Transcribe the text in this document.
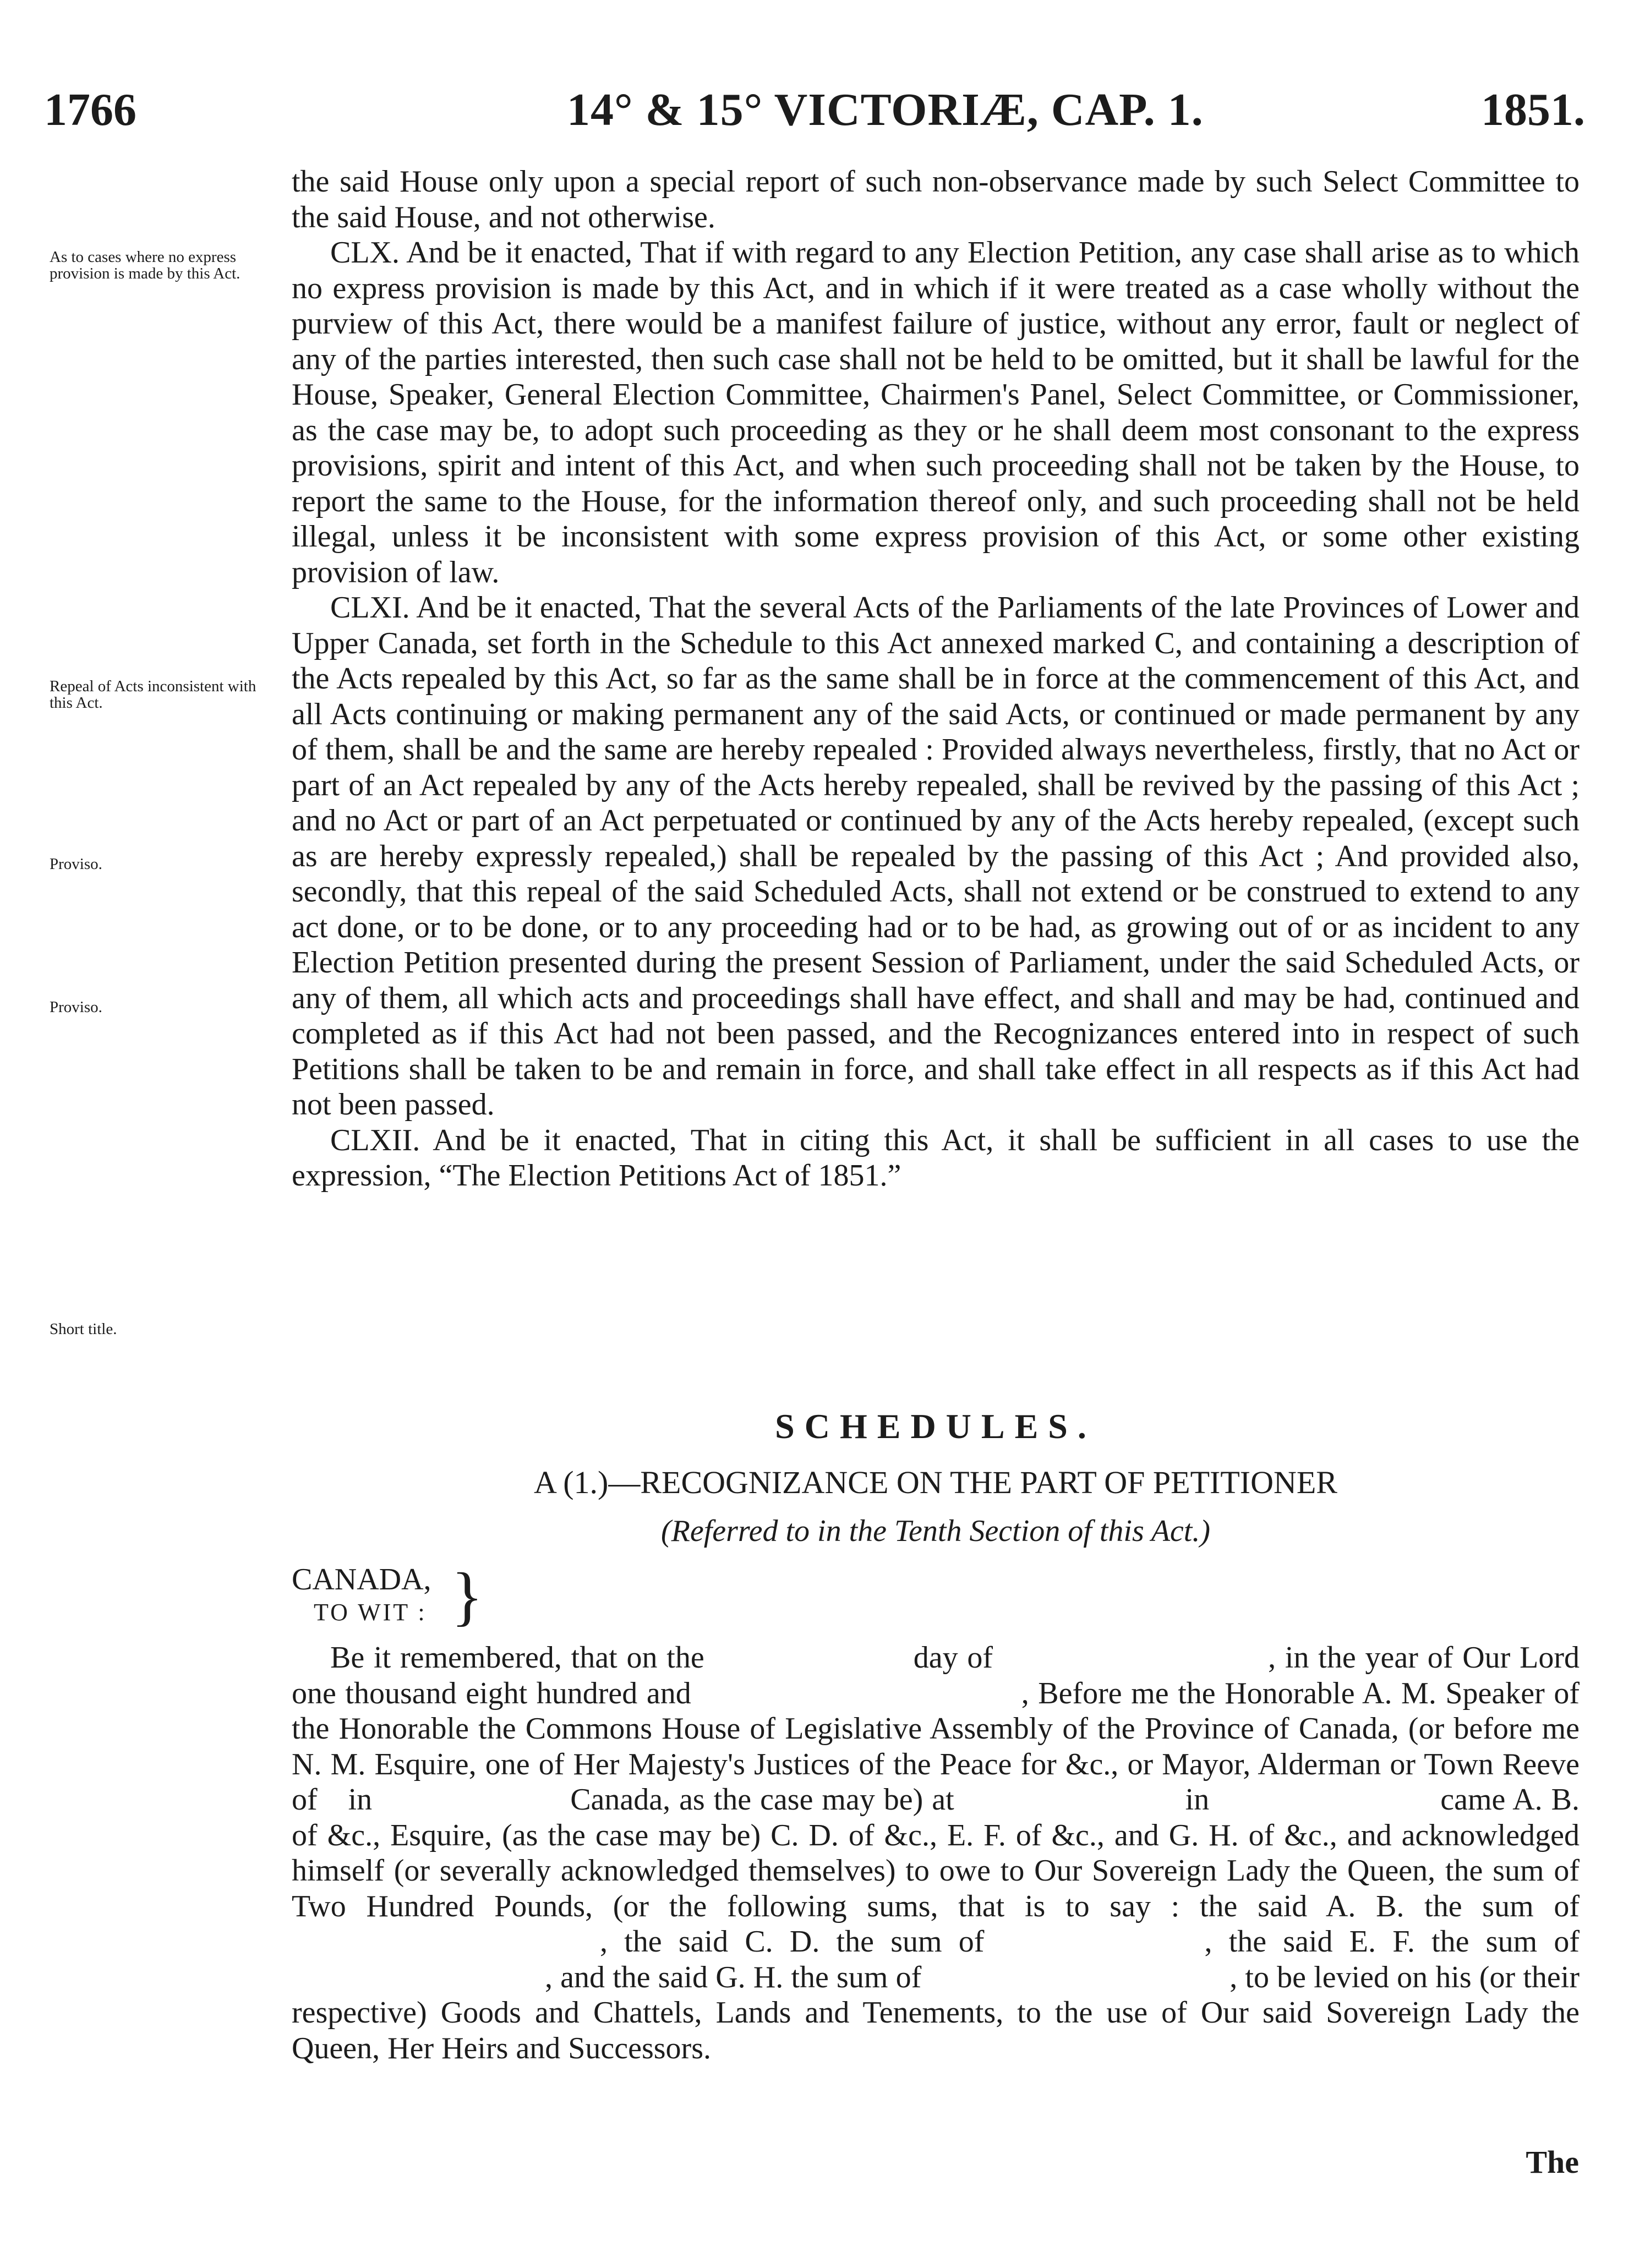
1766	14° & 15° VICTORIÆ, CAP. 1.	1851.
As to cases where no express provision is made by this Act.
Repeal of Acts inconsistent with this Act.
Proviso.
Proviso.
Short title.

the said House only upon a special report of such non-observance made by such Select Committee to the said House, and not otherwise.

CLX. And be it enacted, That if with regard to any Election Petition, any case shall arise as to which no express provision is made by this Act, and in which if it were treated as a case wholly without the purview of this Act, there would be a manifest failure of justice, without any error, fault or neglect of any of the parties interested, then such case shall not be held to be omitted, but it shall be lawful for the House, Speaker, General Election Committee, Chairmen's Panel, Select Committee, or Commissioner, as the case may be, to adopt such proceeding as they or he shall deem most consonant to the express provisions, spirit and intent of this Act, and when such proceeding shall not be taken by the House, to report the same to the House, for the information thereof only, and such proceeding shall not be held illegal, unless it be inconsistent with some express provision of this Act, or some other existing provision of law.

CLXI. And be it enacted, That the several Acts of the Parliaments of the late Provinces of Lower and Upper Canada, set forth in the Schedule to this Act annexed marked C, and containing a description of the Acts repealed by this Act, so far as the same shall be in force at the commencement of this Act, and all Acts continuing or making permanent any of the said Acts, or continued or made permanent by any of them, shall be and the same are hereby repealed : Provided always nevertheless, firstly, that no Act or part of an Act repealed by any of the Acts hereby repealed, shall be revived by the passing of this Act ; and no Act or part of an Act perpetuated or continued by any of the Acts hereby repealed, (except such as are hereby expressly repealed,) shall be repealed by the passing of this Act ; And provided also, secondly, that this repeal of the said Scheduled Acts, shall not extend or be construed to extend to any act done, or to be done, or to any proceeding had or to be had, as growing out of or as incident to any Election Petition presented during the present Session of Parliament, under the said Scheduled Acts, or any of them, all which acts and proceedings shall have effect, and shall and may be had, continued and completed as if this Act had not been passed, and the Recognizances entered into in respect of such Petitions shall be taken to be and remain in force, and shall take effect in all respects as if this Act had not been passed.

CLXII. And be it enacted, That in citing this Act, it shall be sufficient in all cases to use the expression, “The Election Petitions Act of 1851.”

SCHEDULES.
A (1.)—RECOGNIZANCE ON THE PART OF PETITIONER
(Referred to in the Tenth Section of this Act.)
CANADA,
TO WIT : }

Be it remembered, that on the	day of	, in the year of Our Lord one thousand eight hundred and	, Before me the Honorable A. M. Speaker of the Honorable the Commons House of Legislative Assembly of the Province of Canada, (or before me N. M. Esquire, one of Her Majesty's Justices of the Peace for &c., or Mayor, Alderman or Town Reeve of in	Canada, as the case may be) at	in	came A. B. of &c., Esquire, (as the case may be) C. D. of &c., E. F. of &c., and G. H. of &c., and acknowledged himself (or severally acknowledged themselves) to owe to Our Sovereign Lady the Queen, the sum of Two Hundred Pounds, (or the following sums, that is to say : the said A. B. the sum of, the said C. D. the sum of	, the said E. F. the sum of, and the said G. H. the sum of	, to be levied on his (or their respective) Goods and Chattels, Lands and Tenements, to the use of Our said Sovereign Lady the Queen, Her Heirs and Successors.

The
